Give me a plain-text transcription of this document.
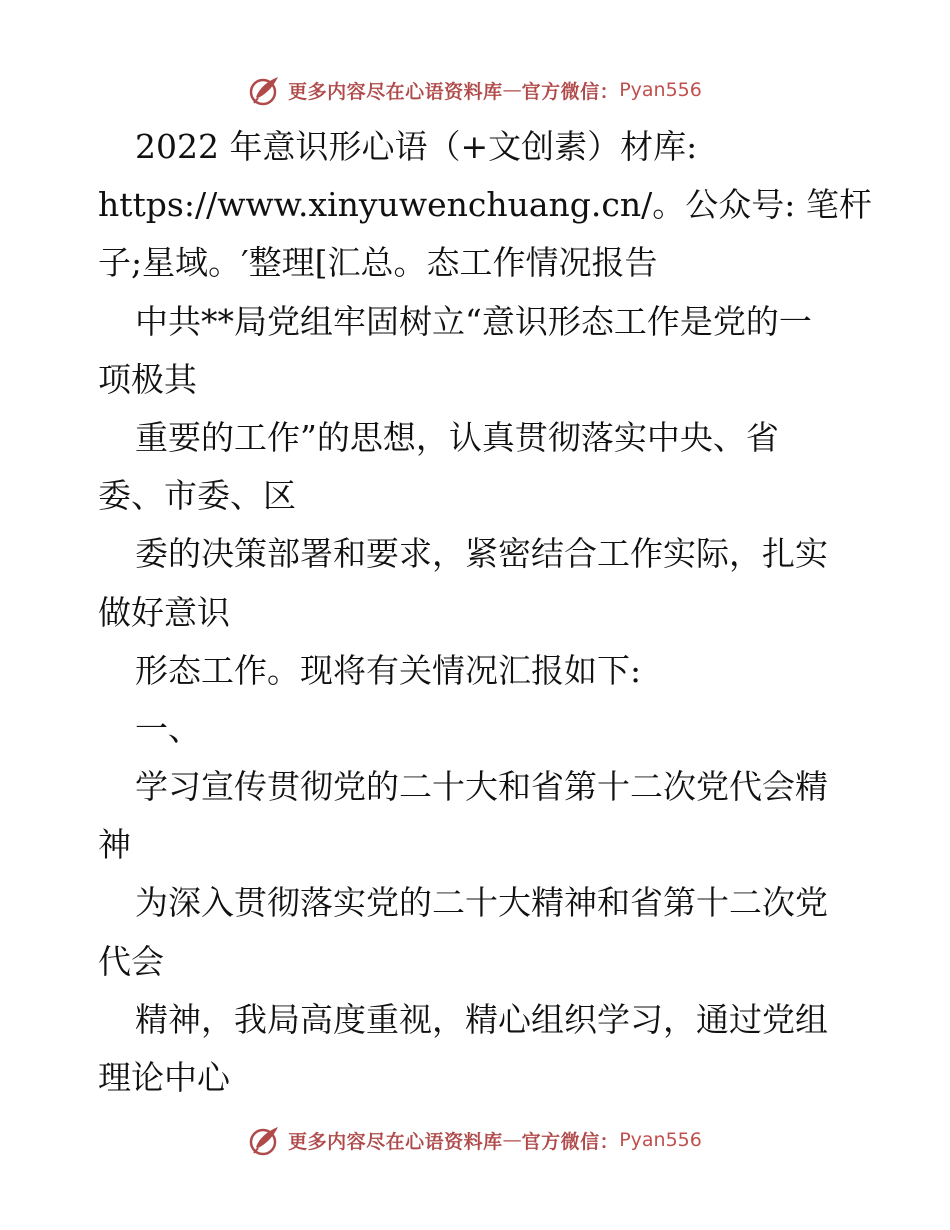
更多内容尽在心语资料库 — 官方微信： Pyan556
2022 年意识形心语（+文创素）材库:
https://www.xinyuwenchuang.cn/。公众号: 笔杆
子;星域。′整理[汇总。态工作情况报告
中共**局党组牢固树立“意识形态工作是党的一
项极其
重要的工作”的思想，认真贯彻落实中央、省
委、市委、区
委的决策部署和要求，紧密结合工作实际，扎实
做好意识
形态工作。现将有关情况汇报如下:
一、
学习宣传贯彻党的二十大和省第十二次党代会精
神
为深入贯彻落实党的二十大精神和省第十二次党
代会
精神，我局高度重视，精心组织学习，通过党组
理论中心
更多内容尽在心语资料库 — 官方微信： Pyan556
